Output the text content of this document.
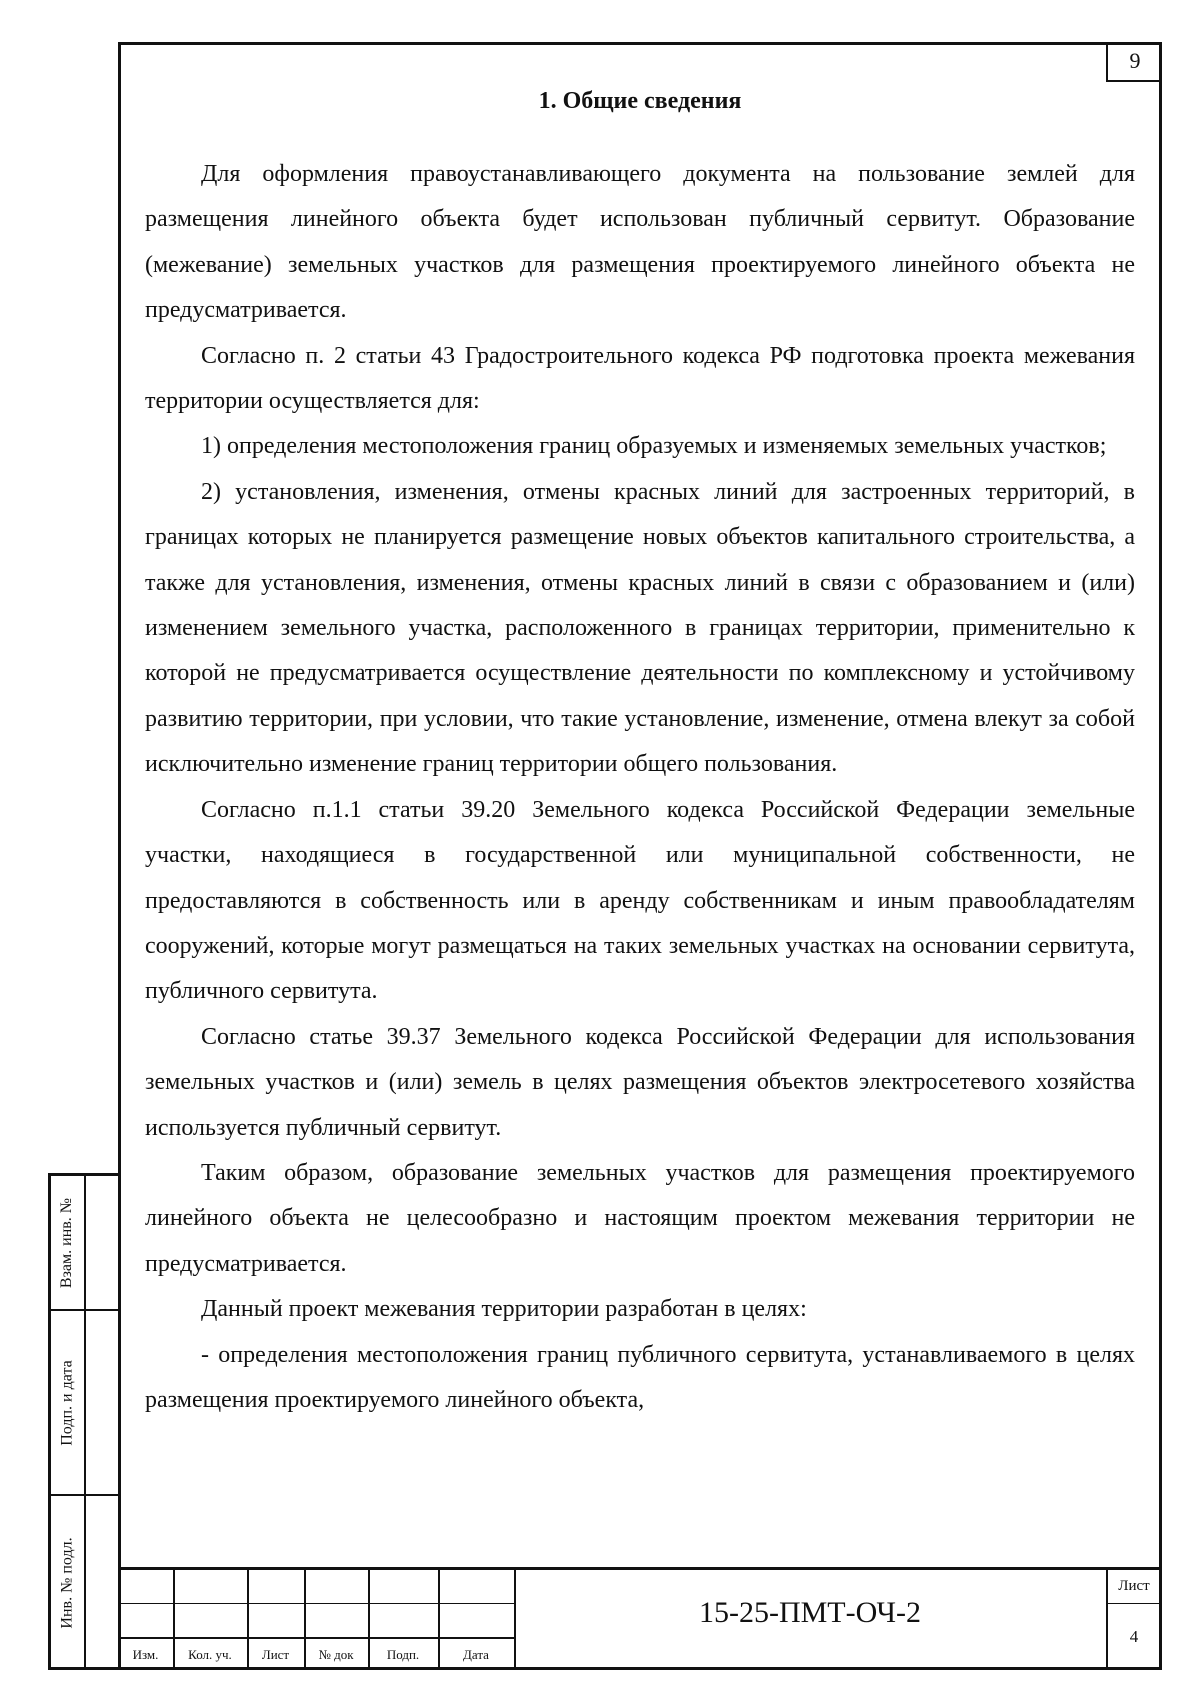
9
1. Общие сведения

Для оформления правоустанавливающего документа на пользование землей для размещения линейного объекта будет использован публичный сервитут. Образование (межевание) земельных участков для размещения проектируемого линейного объекта не предусматривается.

Согласно п. 2 статьи 43 Градостроительного кодекса РФ подготовка проекта межевания территории осуществляется для:

1) определения местоположения границ образуемых и изменяемых земельных участков;

2) установления, изменения, отмены красных линий для застроенных территорий, в границах которых не планируется размещение новых объектов капитального строительства, а также для установления, изменения, отмены красных линий в связи с образованием и (или) изменением земельного участка, расположенного в границах территории, применительно к которой не предусматривается осуществление деятельности по комплексному и устойчивому развитию территории, при условии, что такие установление, изменение, отмена влекут за собой исключительно изменение границ территории общего пользования.

Согласно п.1.1 статьи 39.20 Земельного кодекса Российской Федерации земельные участки, находящиеся в государственной или муниципальной собственности, не предоставляются в собственность или в аренду собственникам и иным правообладателям сооружений, которые могут размещаться на таких земельных участках на основании сервитута, публичного сервитута.

Согласно статье 39.37 Земельного кодекса Российской Федерации для использования земельных участков и (или) земель в целях размещения объектов электросетевого хозяйства используется публичный сервитут.

Таким образом, образование земельных участков для размещения проектируемого линейного объекта не целесообразно и настоящим проектом межевания территории не предусматривается.

Данный проект межевания территории разработан в целях:

- определения местоположения границ публичного сервитута, устанавливаемого в целях размещения проектируемого линейного объекта,

Взам. инв. №
Подп. и дата
Инв. № подл.
Изм.	Кол. уч.	Лист	№ док	Подп.	Дата
15-25-ПМТ-ОЧ-2
Лист
4
